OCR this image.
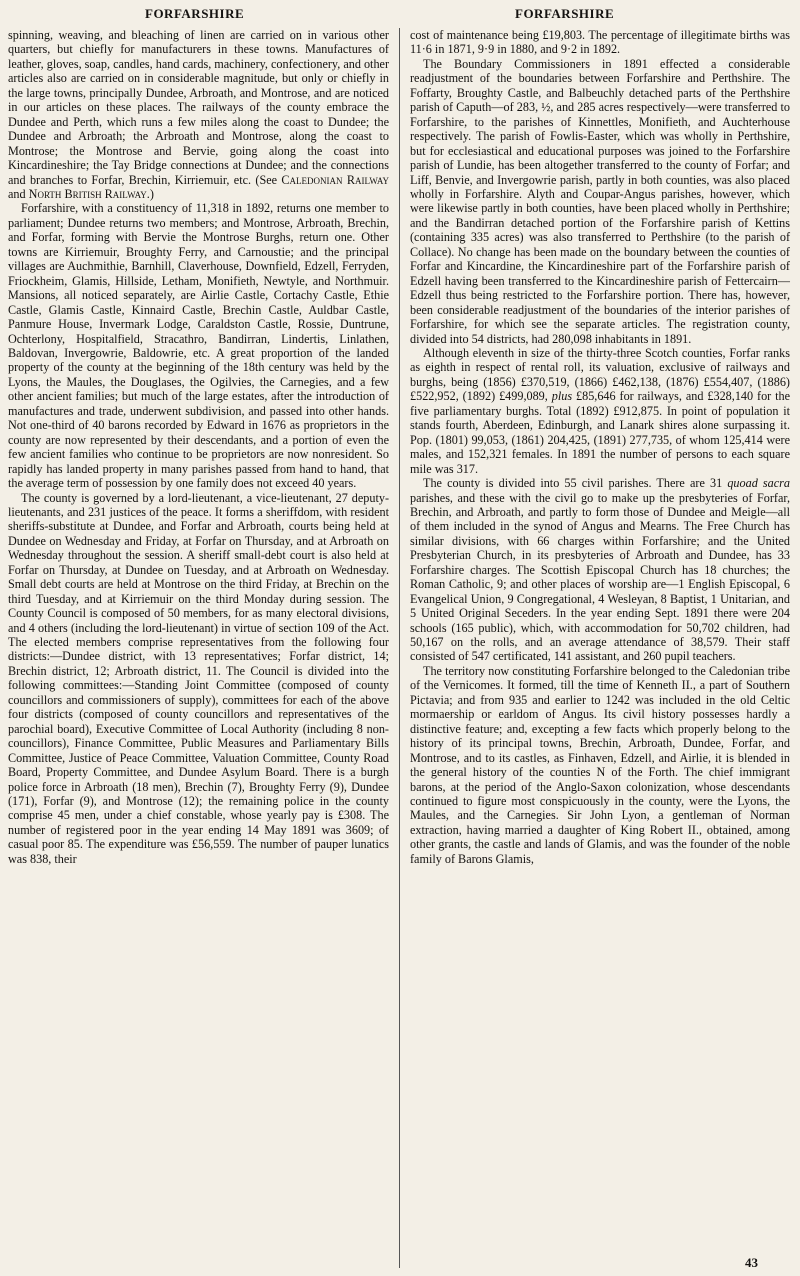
FORFARSHIRE	FORFARSHIRE

spinning, weaving, and bleaching of linen are carried on in various other quarters, but chiefly for manufacturers in these towns. Manufactures of leather, gloves, soap, candles, hand cards, machinery, confectionery, and other articles also are carried on in considerable magnitude, but only or chiefly in the large towns, principally Dundee, Arbroath, and Montrose, and are noticed in our articles on these places. The railways of the county embrace the Dundee and Perth, which runs a few miles along the coast to Dundee; the Dundee and Arbroath; the Arbroath and Montrose, along the coast to Montrose; the Montrose and Bervie, going along the coast into Kincardineshire; the Tay Bridge connections at Dundee; and the connections and branches to Forfar, Brechin, Kirriemuir, etc. (See Caledonian Railway and North British Railway.)

Forfarshire, with a constituency of 11,318 in 1892, returns one member to parliament; Dundee returns two members; and Montrose, Arbroath, Brechin, and Forfar, forming with Bervie the Montrose Burghs, return one. Other towns are Kirriemuir, Broughty Ferry, and Carnoustie; and the principal villages are Auchmithie, Barnhill, Claverhouse, Downfield, Edzell, Ferryden, Friockheim, Glamis, Hillside, Letham, Monifieth, Newtyle, and Northmuir. Mansions, all noticed separately, are Airlie Castle, Cortachy Castle, Ethie Castle, Glamis Castle, Kinnaird Castle, Brechin Castle, Auldbar Castle, Panmure House, Invermark Lodge, Caraldston Castle, Rossie, Duntrune, Ochterlony, Hospitalfield, Stracathro, Bandirran, Lindertis, Linlathen, Baldovan, Invergowrie, Baldowrie, etc. A great proportion of the landed property of the county at the beginning of the 18th century was held by the Lyons, the Maules, the Douglases, the Ogilvies, the Carnegies, and a few other ancient families; but much of the large estates, after the introduction of manufactures and trade, underwent subdivision, and passed into other hands. Not one-third of 40 barons recorded by Edward in 1676 as proprietors in the county are now represented by their descendants, and a portion of even the few ancient families who continue to be proprietors are now nonresident. So rapidly has landed property in many parishes passed from hand to hand, that the average term of possession by one family does not exceed 40 years.

The county is governed by a lord-lieutenant, a vice-lieutenant, 27 deputy-lieutenants, and 231 justices of the peace. It forms a sheriffdom, with resident sheriffs-substitute at Dundee, and Forfar and Arbroath, courts being held at Dundee on Wednesday and Friday, at Forfar on Thursday, and at Arbroath on Wednesday throughout the session. A sheriff small-debt court is also held at Forfar on Thursday, at Dundee on Tuesday, and at Arbroath on Wednesday. Small debt courts are held at Montrose on the third Friday, at Brechin on the third Tuesday, and at Kirriemuir on the third Monday during session. The County Council is composed of 50 members, for as many electoral divisions, and 4 others (including the lord-lieutenant) in virtue of section 109 of the Act. The elected members comprise representatives from the following four districts:—Dundee district, with 13 representatives; Forfar district, 14; Brechin district, 12; Arbroath district, 11. The Council is divided into the following committees:—Standing Joint Committee (composed of county councillors and commissioners of supply), committees for each of the above four districts (composed of county councillors and representatives of the parochial board), Executive Committee of Local Authority (including 8 non-councillors), Finance Committee, Public Measures and Parliamentary Bills Committee, Justice of Peace Committee, Valuation Committee, County Road Board, Property Committee, and Dundee Asylum Board. There is a burgh police force in Arbroath (18 men), Brechin (7), Broughty Ferry (9), Dundee (171), Forfar (9), and Montrose (12); the remaining police in the county comprise 45 men, under a chief constable, whose yearly pay is £308. The number of registered poor in the year ending 14 May 1891 was 3609; of casual poor 85. The expenditure was £56,559. The number of pauper lunatics was 838, their

cost of maintenance being £19,803. The percentage of illegitimate births was 11·6 in 1871, 9·9 in 1880, and 9·2 in 1892.

The Boundary Commissioners in 1891 effected a considerable readjustment of the boundaries between Forfarshire and Perthshire. The Foffarty, Broughty Castle, and Balbeuchly detached parts of the Perthshire parish of Caputh—of 283, ½, and 285 acres respectively—were transferred to Forfarshire, to the parishes of Kinnettles, Monifieth, and Auchterhouse respectively. The parish of Fowlis-Easter, which was wholly in Perthshire, but for ecclesiastical and educational purposes was joined to the Forfarshire parish of Lundie, has been altogether transferred to the county of Forfar; and Liff, Benvie, and Invergowrie parish, partly in both counties, was also placed wholly in Forfarshire. Alyth and Coupar-Angus parishes, however, which were likewise partly in both counties, have been placed wholly in Perthshire; and the Bandirran detached portion of the Forfarshire parish of Kettins (containing 335 acres) was also transferred to Perthshire (to the parish of Collace). No change has been made on the boundary between the counties of Forfar and Kincardine, the Kincardineshire part of the Forfarshire parish of Edzell having been transferred to the Kincardineshire parish of Fettercairn—Edzell thus being restricted to the Forfarshire portion. There has, however, been considerable readjustment of the boundaries of the interior parishes of Forfarshire, for which see the separate articles. The registration county, divided into 54 districts, had 280,098 inhabitants in 1891.

Although eleventh in size of the thirty-three Scotch counties, Forfar ranks as eighth in respect of rental roll, its valuation, exclusive of railways and burghs, being (1856) £370,519, (1866) £462,138, (1876) £554,407, (1886) £522,952, (1892) £499,089, plus £85,646 for railways, and £328,140 for the five parliamentary burghs. Total (1892) £912,875. In point of population it stands fourth, Aberdeen, Edinburgh, and Lanark shires alone surpassing it. Pop. (1801) 99,053, (1861) 204,425, (1891) 277,735, of whom 125,414 were males, and 152,321 females. In 1891 the number of persons to each square mile was 317.

The county is divided into 55 civil parishes. There are 31 quoad sacra parishes, and these with the civil go to make up the presbyteries of Forfar, Brechin, and Arbroath, and partly to form those of Dundee and Meigle—all of them included in the synod of Angus and Mearns. The Free Church has similar divisions, with 66 charges within Forfarshire; and the United Presbyterian Church, in its presbyteries of Arbroath and Dundee, has 33 Forfarshire charges. The Scottish Episcopal Church has 18 churches; the Roman Catholic, 9; and other places of worship are—1 English Episcopal, 6 Evangelical Union, 9 Congregational, 4 Wesleyan, 8 Baptist, 1 Unitarian, and 5 United Original Seceders. In the year ending Sept. 1891 there were 204 schools (165 public), which, with accommodation for 50,702 children, had 50,167 on the rolls, and an average attendance of 38,579. Their staff consisted of 547 certificated, 141 assistant, and 260 pupil teachers.

The territory now constituting Forfarshire belonged to the Caledonian tribe of the Vernicomes. It formed, till the time of Kenneth II., a part of Southern Pictavia; and from 935 and earlier to 1242 was included in the old Celtic mormaership or earldom of Angus. Its civil history possesses hardly a distinctive feature; and, excepting a few facts which properly belong to the history of its principal towns, Brechin, Arbroath, Dundee, Forfar, and Montrose, and to its castles, as Finhaven, Edzell, and Airlie, it is blended in the general history of the counties N of the Forth. The chief immigrant barons, at the period of the Anglo-Saxon colonization, whose descendants continued to figure most conspicuously in the county, were the Lyons, the Maules, and the Carnegies. Sir John Lyon, a gentleman of Norman extraction, having married a daughter of King Robert II., obtained, among other grants, the castle and lands of Glamis, and was the founder of the noble family of Barons Glamis,

43
